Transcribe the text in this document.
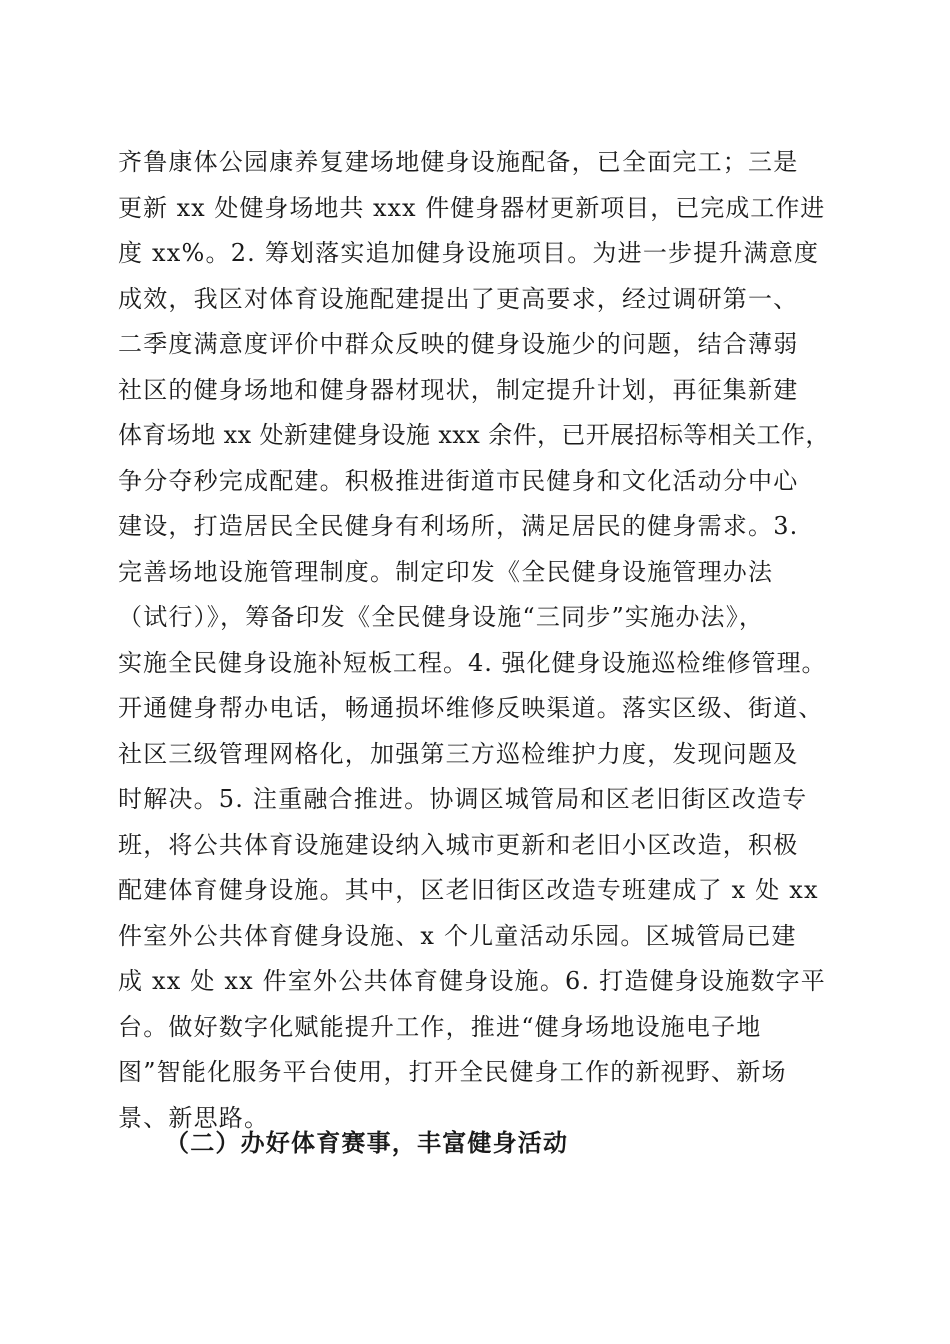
齐鲁康体公园康养复建场地健身设施配备，已全面完工；三是
更新 xx 处健身场地共 xxx 件健身器材更新项目，已完成工作进
度 xx%。2. 筹划落实追加健身设施项目。为进一步提升满意度
成效，我区对体育设施配建提出了更高要求，经过调研第一、
二季度满意度评价中群众反映的健身设施少的问题，结合薄弱
社区的健身场地和健身器材现状，制定提升计划，再征集新建
体育场地 xx 处新建健身设施 xxx 余件，已开展招标等相关工作，
争分夺秒完成配建。积极推进街道市民健身和文化活动分中心
建设，打造居民全民健身有利场所，满足居民的健身需求。3.
完善场地设施管理制度。制定印发《全民健身设施管理办法
（试行）》，筹备印发《全民健身设施“三同步”实施办法》，
实施全民健身设施补短板工程。4. 强化健身设施巡检维修管理。
开通健身帮办电话，畅通损坏维修反映渠道。落实区级、街道、
社区三级管理网格化，加强第三方巡检维护力度，发现问题及
时解决。5. 注重融合推进。协调区城管局和区老旧街区改造专
班，将公共体育设施建设纳入城市更新和老旧小区改造，积极
配建体育健身设施。其中，区老旧街区改造专班建成了 x 处 xx
件室外公共体育健身设施、x 个儿童活动乐园。区城管局已建
成 xx 处 xx 件室外公共体育健身设施。6. 打造健身设施数字平
台。做好数字化赋能提升工作，推进“健身场地设施电子地
图”智能化服务平台使用，打开全民健身工作的新视野、新场
景、新思路。
（二）办好体育赛事，丰富健身活动
